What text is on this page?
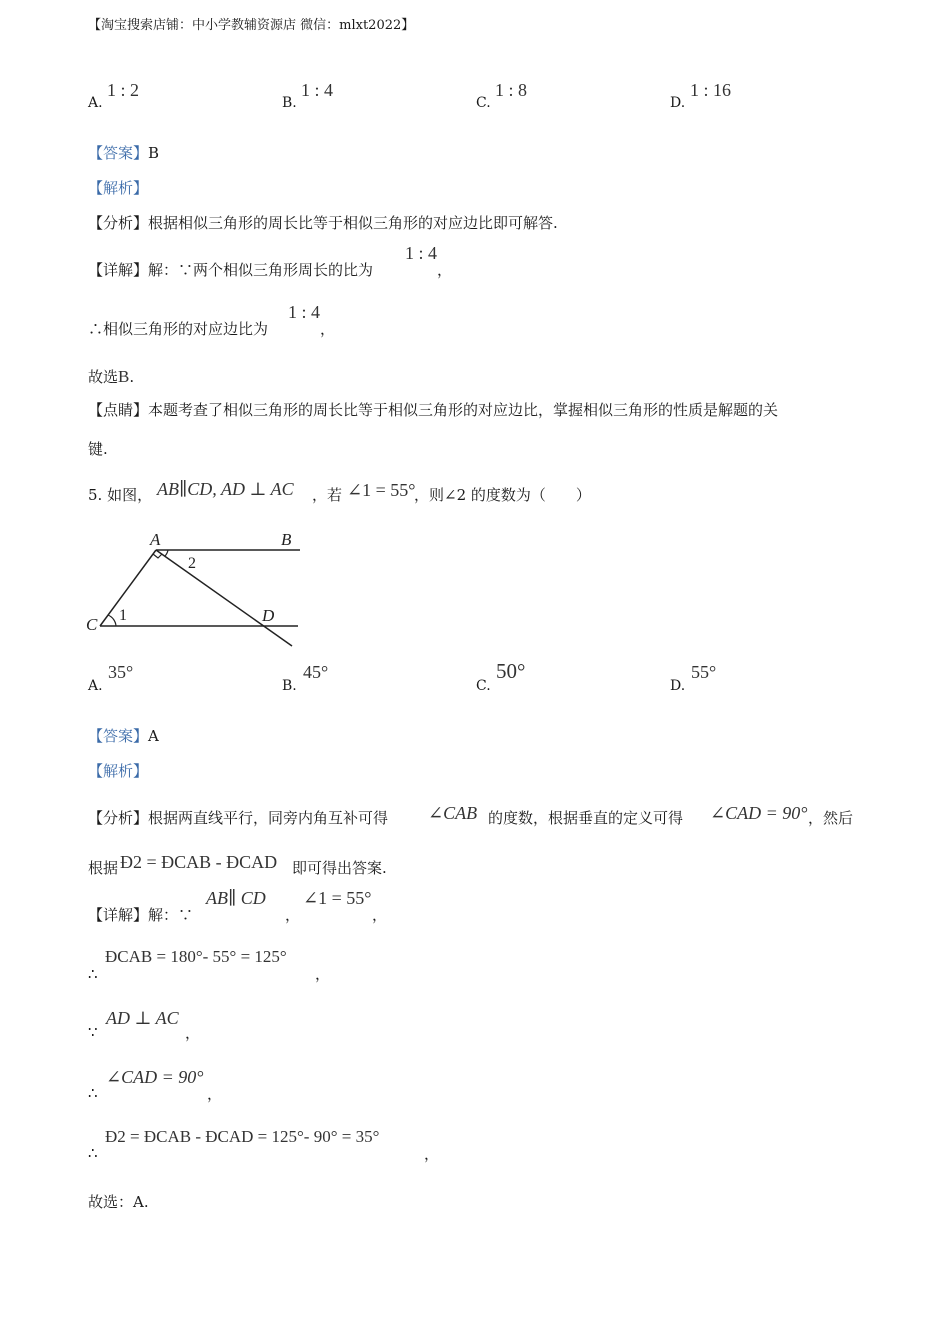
【淘宝搜索店铺：中小学教辅资源店 微信：mlxt2022】
A.
1 : 2
B.
1 : 4
C.
1 : 8
D.
1 : 16
【答案】B
【解析】
【分析】根据相似三角形的周长比等于相似三角形的对应边比即可解答.
【详解】解：∵两个相似三角形周长的比为
1 : 4
，
∴相似三角形的对应边比为
1 : 4
，
故选B.
【点睛】本题考查了相似三角形的周长比等于相似三角形的对应边比，掌握相似三角形的性质是解题的关
键.
5. 如图， AB∥CD, AD ⊥ AC ，若 ∠1 = 55°
，则∠2 的度数为（　　）
A	B
C	D
1
2
A.
35°
B.
45°
C.
50°
D.
55°
【答案】A
【解析】
【分析】根据两直线平行，同旁内角互补可得 ∠CAB 的度数，根据垂直的定义可得 ∠CAD = 90° ，然后
根据 Ð2 = ÐCAB - ÐCAD 即可得出答案.
【详解】解：∵
AB∥ CD
，
∠1 = 55°
，
∴
ÐCAB = 180°- 55° = 125°
，
∵
AD ⊥ AC
，
∴
∠CAD = 90°
，
∴
Ð2 = ÐCAB - ÐCAD = 125°- 90° = 35°
，
故选：A.
